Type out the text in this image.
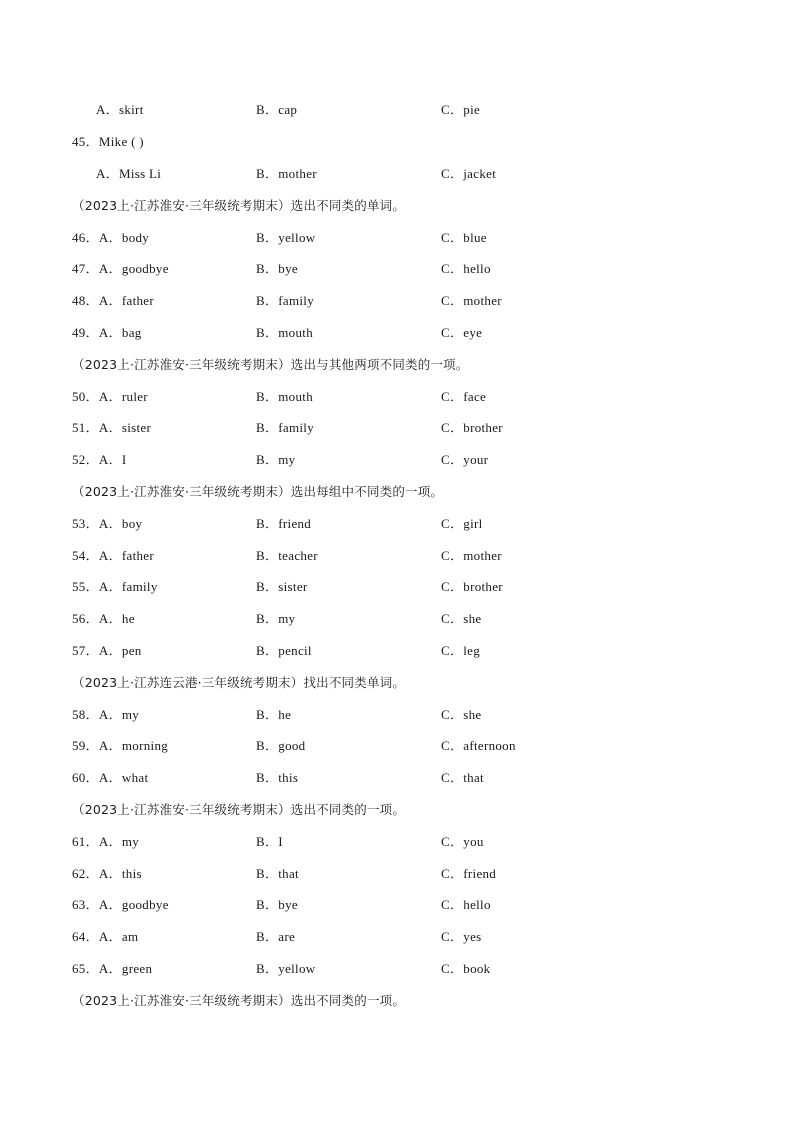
A．skirt	B．cap	C．pie
45．Mike ( )
A．Miss Li	B．mother	C．jacket
（2023上·江苏淮安·三年级统考期末）选出不同类的单词。
46．A．body	B．yellow	C．blue
47．A．goodbye	B．bye	C．hello
48．A．father	B．family	C．mother
49．A．bag	B．mouth	C．eye
（2023上·江苏淮安·三年级统考期末）选出与其他两项不同类的一项。
50．A．ruler	B．mouth	C．face
51．A．sister	B．family	C．brother
52．A．I	B．my	C．your
（2023上·江苏淮安·三年级统考期末）选出每组中不同类的一项。
53．A．boy	B．friend	C．girl
54．A．father	B．teacher	C．mother
55．A．family	B．sister	C．brother
56．A．he	B．my	C．she
57．A．pen	B．pencil	C．leg
（2023上·江苏连云港·三年级统考期末）找出不同类单词。
58．A．my	B．he	C．she
59．A．morning	B．good	C．afternoon
60．A．what	B．this	C．that
（2023上·江苏淮安·三年级统考期末）选出不同类的一项。
61．A．my	B．I	C．you
62．A．this	B．that	C．friend
63．A．goodbye	B．bye	C．hello
64．A．am	B．are	C．yes
65．A．green	B．yellow	C．book
（2023上·江苏淮安·三年级统考期末）选出不同类的一项。
